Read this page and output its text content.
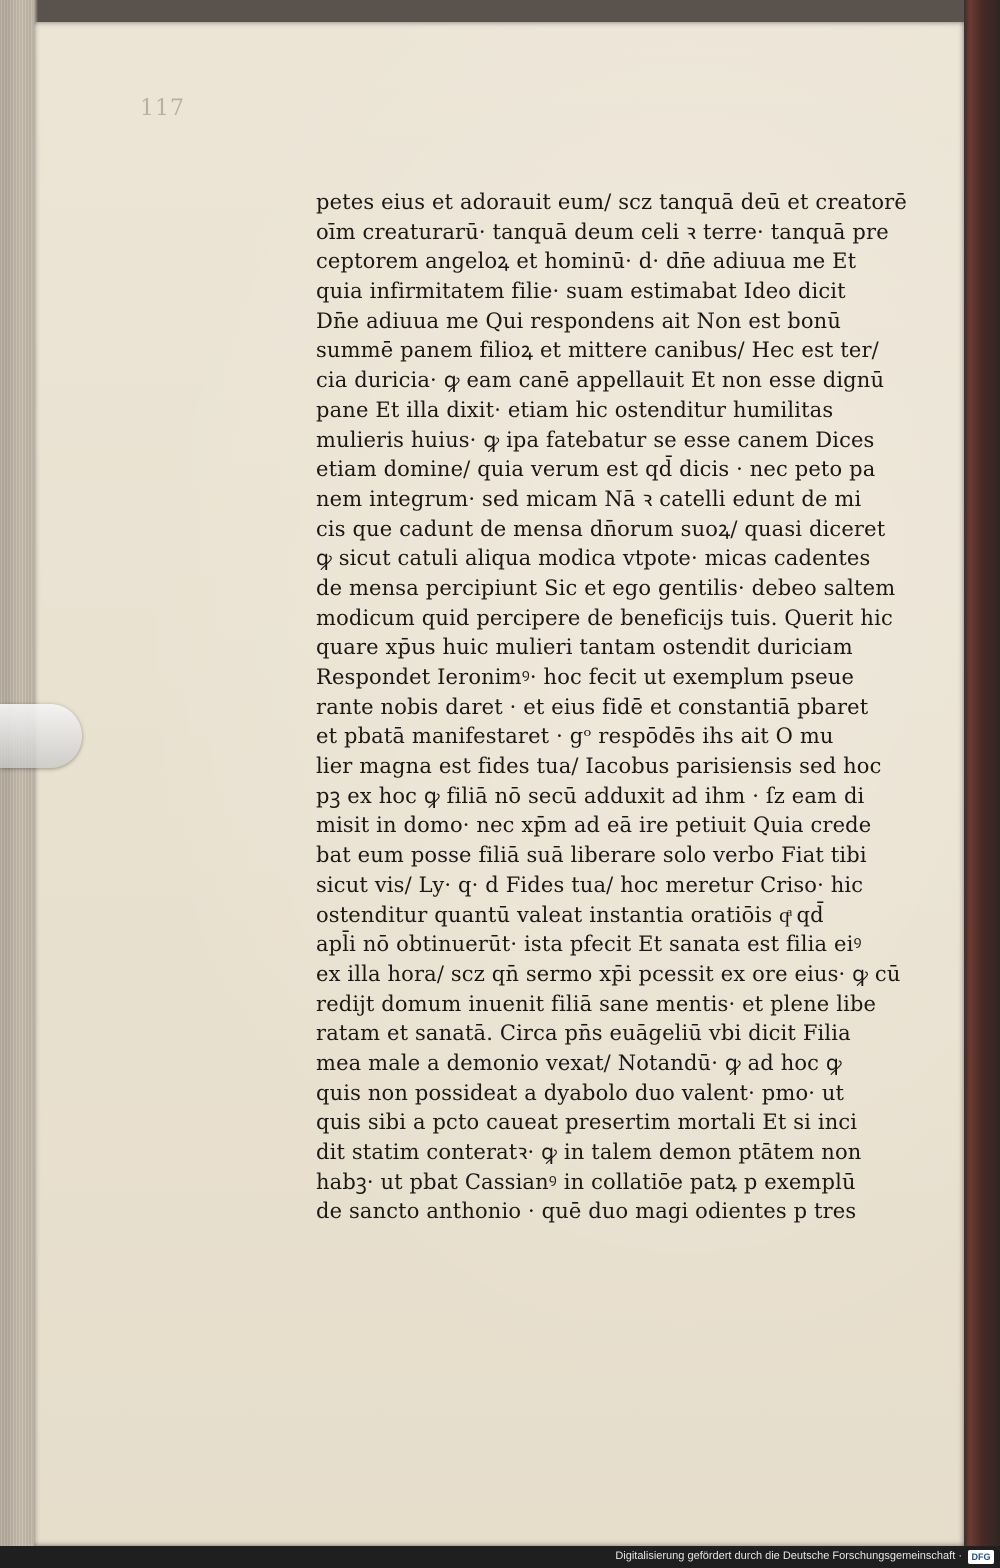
117
petes eius et adorauit eum/ scz tanquā deū et creatorē
oīm creaturarū· tanquā deum celi ꝛ terre· tanquā pre
ceptorem angeloꝝ et hominū· d· dn̄e adiuua me Et
quia infirmitatem filie· suam estimabat Ideo dicit
Dn̄e adiuua me Qui respondens ait Non est bonū
summē panem filioꝝ et mittere canibus/ Hec est ter/
cia duricia· ꝙ eam canē appellauit Et non esse dignū
pane Et illa dixit· etiam hic ostenditur humilitas
mulieris huius· ꝙ ipa fatebatur se esse canem Dices
etiam domine/ quia verum est qd̄ dicis · nec peto pa
nem integrum· sed micam Nā ꝛ catelli edunt de mi
cis que cadunt de mensa dn̄orum suoꝝ/ quasi diceret
ꝙ sicut catuli aliqua modica vtpote· micas cadentes
de mensa percipiunt Sic et ego gentilis· debeo saltem
modicum quid percipere de beneficijs tuis. Querit hic
quare xp̄us huic mulieri tantam ostendit duriciam
Respondet Ieronimꝰ· hoc fecit ut exemplum pseue
rante nobis daret · et eius fidē et constantiā pbaret
et pbatā manifestaret · gᵒ respōdēs ihs ait O mu
lier magna est fides tua/ Iacobus parisiensis sed hoc
pꝫ ex hoc ꝙ filiā nō secū adduxit ad ihm · ſz eam di
misit in domo· nec xp̄m ad eā ire petiuit Quia crede
bat eum posse filiā suā liberare solo verbo Fiat tibi
sicut vis/ Ly· q· d Fides tua/ hoc meretur Criso· hic
ostenditur quantū valeat instantia oratiōis qͣ qd̄
apl̄i nō obtinuerūt· ista pfecit Et sanata est filia eiꝰ
ex illa hora/ scz qn̄ sermo xp̄i pcessit ex ore eius· ꝙ cū
redijt domum inuenit filiā sane mentis· et plene libe
ratam et sanatā. Circa pn̄s euāgeliū vbi dicit Filia
mea male a demonio vexat/ Notandū· ꝙ ad hoc ꝙ
quis non possideat a dyabolo duo valent· pmo· ut
quis sibi a pcto caueat presertim mortali Et si inci
dit statim conteratꝛ· ꝙ in talem demon ptātem non
habꝫ· ut pbat Cassianꝰ in collatiōe patꝝ p exemplū
de sancto anthonio · quē duo magi odientes p tres
Digitalisierung gefördert durch die Deutsche Forschungsgemeinschaft ·	DFG
